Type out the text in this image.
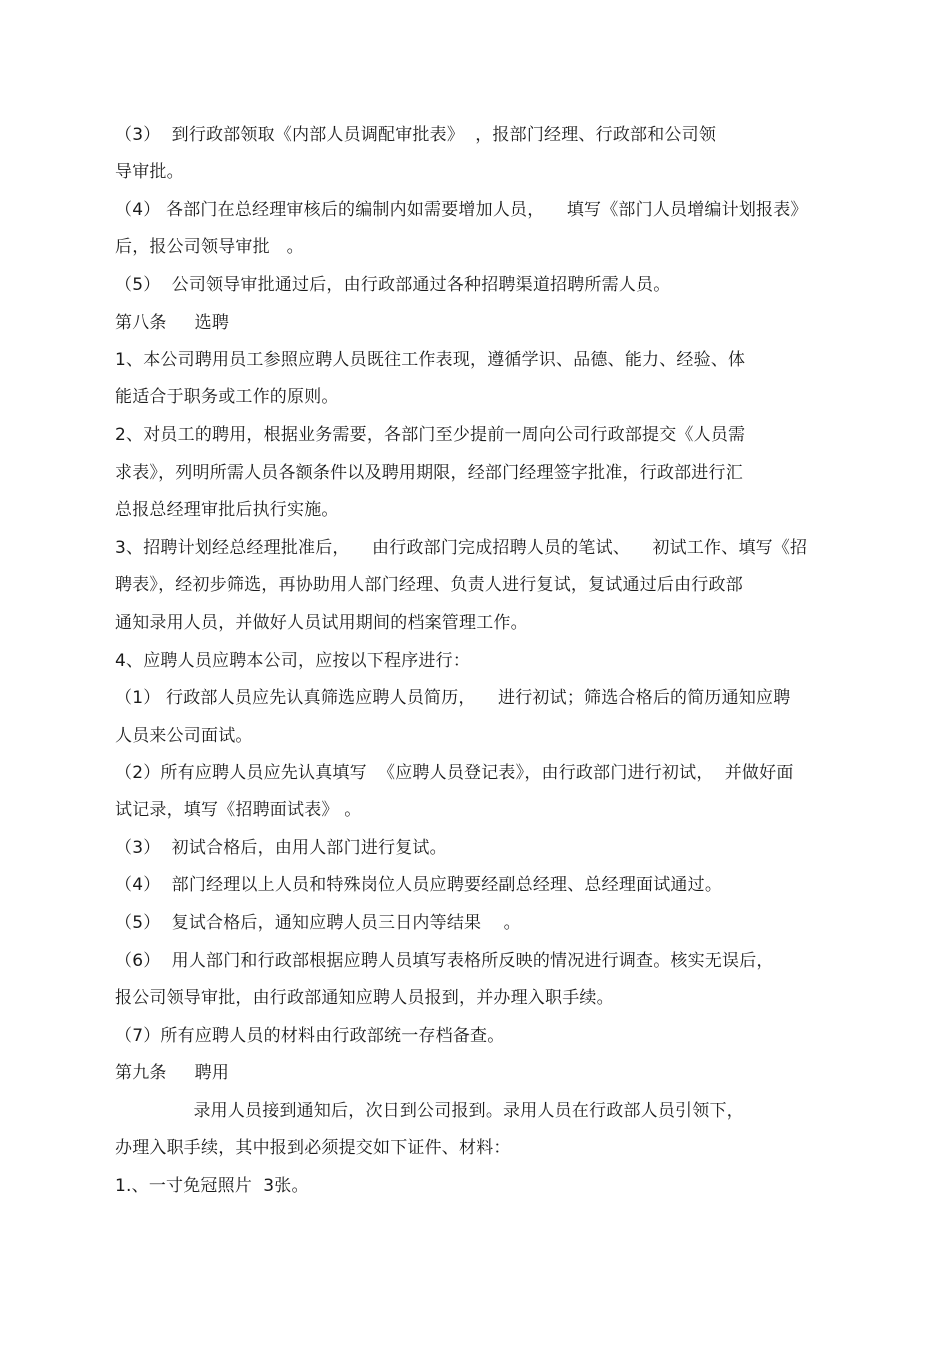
（3）  到行政部领取《内部人员调配审批表》  ，报部门经理、行政部和公司领
导审批。
（4） 各部门在总经理审核后的编制内如需要增加人员，    填写《部门人员增编计划报表》
后，报公司领导审批   。
（5）  公司领导审批通过后，由行政部通过各种招聘渠道招聘所需人员。
第八条     选聘
1、本公司聘用员工参照应聘人员既往工作表现，遵循学识、品德、能力、经验、体
能适合于职务或工作的原则。
2、对员工的聘用，根据业务需要，各部门至少提前一周向公司行政部提交《人员需
求表》，列明所需人员各额条件以及聘用期限，经部门经理签字批准，行政部进行汇
总报总经理审批后执行实施。
3、招聘计划经总经理批准后，    由行政部门完成招聘人员的笔试、    初试工作、填写《招
聘表》，经初步筛选，再协助用人部门经理、负责人进行复试，复试通过后由行政部
通知录用人员，并做好人员试用期间的档案管理工作。
4、应聘人员应聘本公司，应按以下程序进行：
（1） 行政部人员应先认真筛选应聘人员简历，    进行初试；筛选合格后的简历通知应聘
人员来公司面试。
（2）所有应聘人员应先认真填写  《应聘人员登记表》，由行政部门进行初试，  并做好面
试记录，填写《招聘面试表》 。
（3）  初试合格后，由用人部门进行复试。
（4）  部门经理以上人员和特殊岗位人员应聘要经副总经理、总经理面试通过。
（5）  复试合格后，通知应聘人员三日内等结果    。
（6）  用人部门和行政部根据应聘人员填写表格所反映的情况进行调查。核实无误后，
报公司领导审批，由行政部通知应聘人员报到，并办理入职手续。
（7）所有应聘人员的材料由行政部统一存档备查。
第九条     聘用
录用人员接到通知后，次日到公司报到。录用人员在行政部人员引领下，
办理入职手续，其中报到必须提交如下证件、材料：
1.、一寸免冠照片  3张。
